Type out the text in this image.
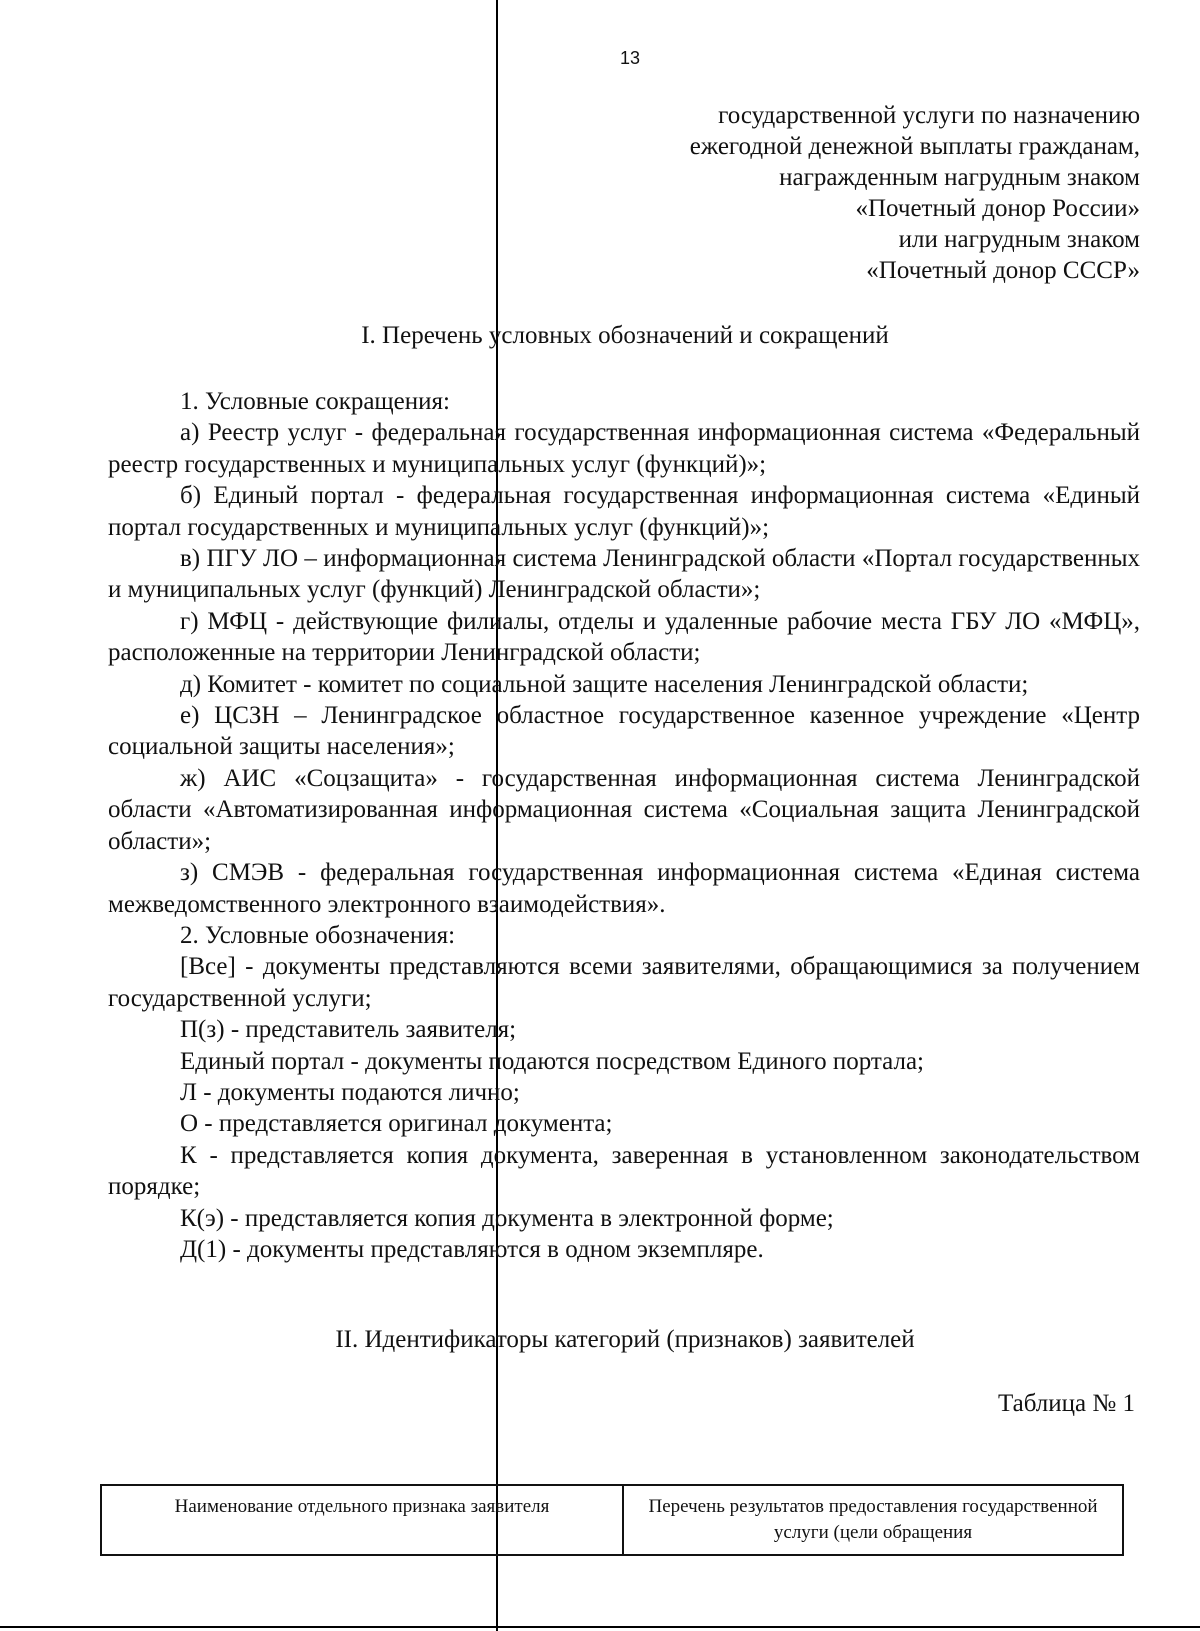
13
государственной услуги по назначению
ежегодной денежной выплаты гражданам,
награжденным нагрудным знаком
«Почетный донор России»
или нагрудным знаком
«Почетный донор СССР»
I. Перечень условных обозначений и сокращений

1. Условные сокращения:

а) Реестр услуг - федеральная государственная информационная система «Федеральный реестр государственных и муниципальных услуг (функций)»;

б) Единый портал - федеральная государственная информационная система «Единый портал государственных и муниципальных услуг (функций)»;

в) ПГУ ЛО – информационная система Ленинградской области «Портал государственных и муниципальных услуг (функций) Ленинградской области»;

г) МФЦ - действующие филиалы, отделы и удаленные рабочие места ГБУ ЛО «МФЦ», расположенные на территории Ленинградской области;

д) Комитет - комитет по социальной защите населения Ленинградской области;

е) ЦСЗН – Ленинградское областное государственное казенное учреждение «Центр социальной защиты населения»;

ж) АИС «Соцзащита» - государственная информационная система Ленинградской области «Автоматизированная информационная система «Социальная защита Ленинградской области»;

з) СМЭВ - федеральная государственная информационная система «Единая система межведомственного электронного взаимодействия».

2. Условные обозначения:

[Все] - документы представляются всеми заявителями, обращающимися за получением государственной услуги;

П(з) - представитель заявителя;

Единый портал - документы подаются посредством Единого портала;

Л - документы подаются лично;

О - представляется оригинал документа;

К - представляется копия документа, заверенная в установленном законодательством порядке;

К(э) - представляется копия документа в электронной форме;

Д(1) - документы представляются в одном экземпляре.

II. Идентификаторы категорий (признаков) заявителей
Таблица № 1
Наименование отдельного признака заявителя	Перечень результатов предоставления государственной услуги (цели обращения
